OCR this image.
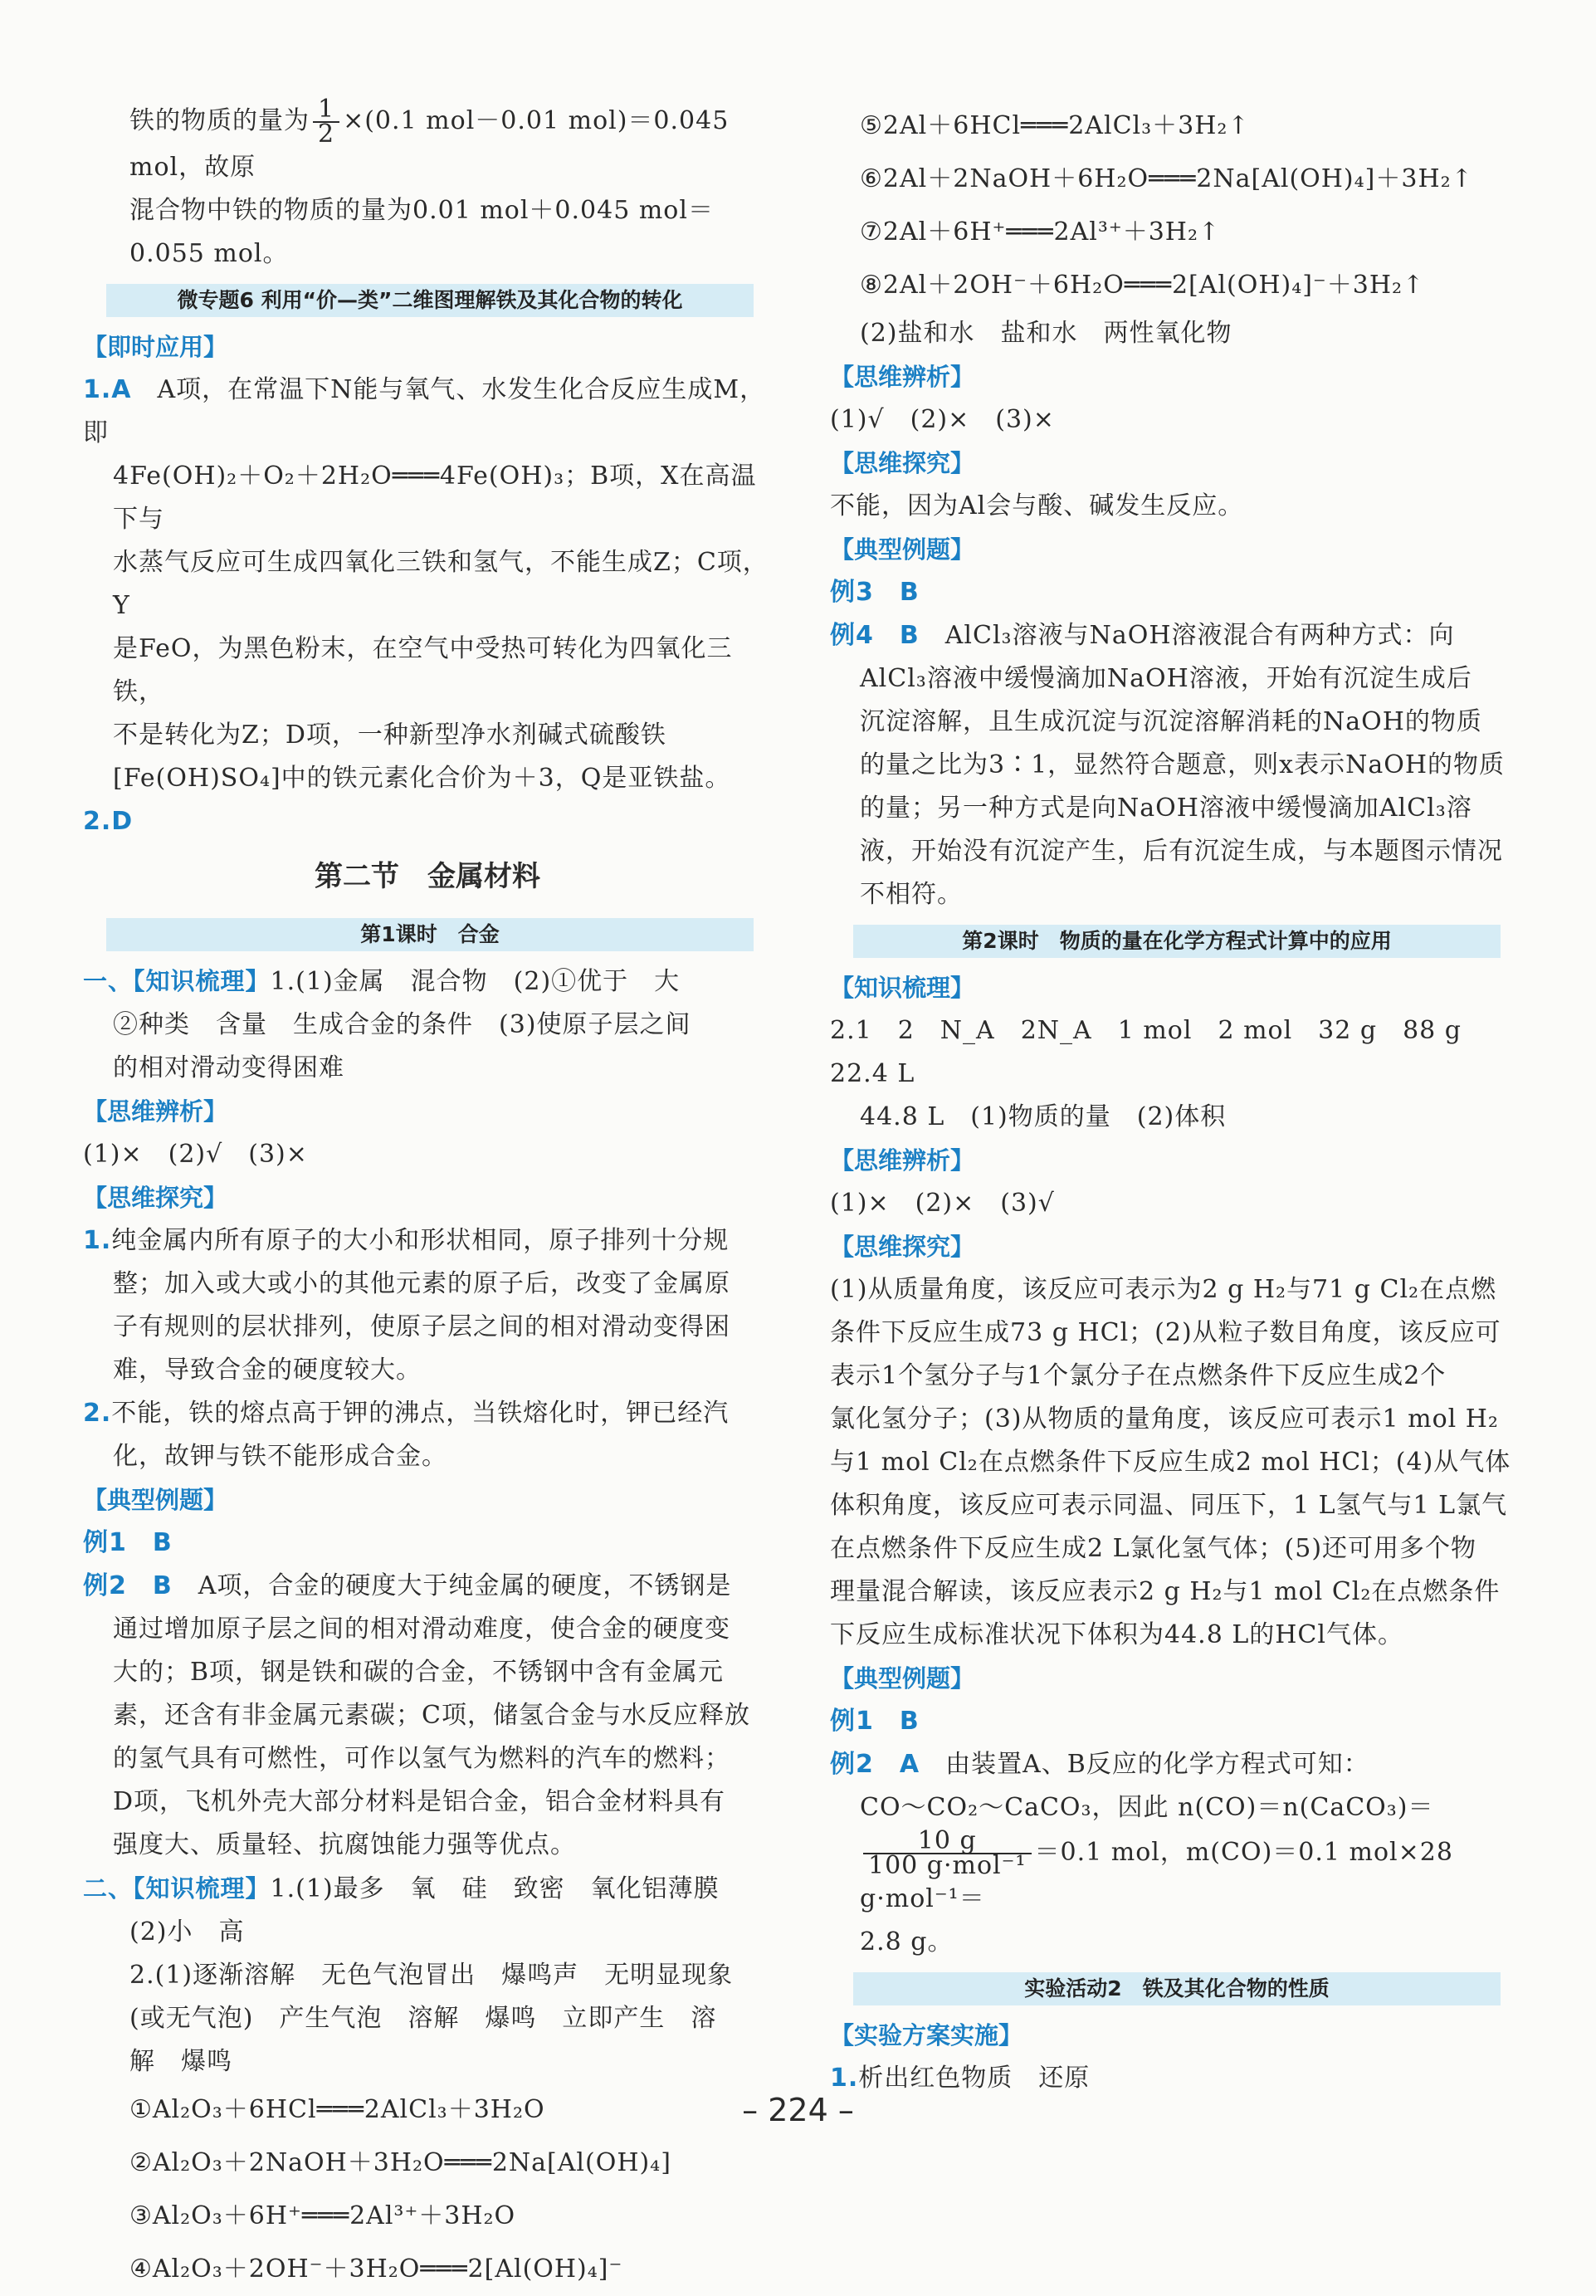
铁的物质的量为 $\frac{1}{2} \times(0.1$ mol－0.01 mol)＝0.045 mol，故原

混合物中铁的物质的量为0.01 mol＋0.045 mol＝0.055 mol。

微专题6 利用“价—类”二维图理解铁及其化合物的转化
【即时应用】
1.A　 A项，在常温下N能与氧气、水发生化合反应生成M，即
4Fe(OH)₂＋O₂＋2H₂O═══4Fe(OH)₃；B项，X在高温下与
水蒸气反应可生成四氧化三铁和氢气，不能生成Z；C项，Y
是FeO，为黑色粉末，在空气中受热可转化为四氧化三铁，
不是转化为Z；D项，一种新型净水剂碱式硫酸铁
[Fe(OH)SO₄]中的铁元素化合价为＋3，Q是亚铁盐。
2.D
第二节　金属材料
第1课时　合金
一、【知识梳理】1.(1)金属　混合物　(2)①优于　大
②种类　含量　生成合金的条件　(3)使原子层之间
的相对滑动变得困难
【思维辨析】
(1)×　(2)√　(3)×
【思维探究】
1.纯金属内所有原子的大小和形状相同，原子排列十分规
整；加入或大或小的其他元素的原子后，改变了金属原
子有规则的层状排列，使原子层之间的相对滑动变得困
难，导致合金的硬度较大。
2.不能，铁的熔点高于钾的沸点，当铁熔化时，钾已经汽
化，故钾与铁不能形成合金。
【典型例题】
例1　B
例2　B　 A项，合金的硬度大于纯金属的硬度，不锈钢是
通过增加原子层之间的相对滑动难度，使合金的硬度变
大的；B项，钢是铁和碳的合金，不锈钢中含有金属元
素，还含有非金属元素碳；C项，储氢合金与水反应释放
的氢气具有可燃性，可作以氢气为燃料的汽车的燃料；
D项，飞机外壳大部分材料是铝合金，铝合金材料具有
强度大、质量轻、抗腐蚀能力强等优点。
二、【知识梳理】1.(1)最多　氧　硅　致密　氧化铝薄膜
(2)小　高
2.(1)逐渐溶解　无色气泡冒出　爆鸣声　无明显现象
(或无气泡)　产生气泡　溶解　爆鸣　立即产生　溶
解　爆鸣
①Al₂O₃＋6HCl═══2AlCl₃＋3H₂O
②Al₂O₃＋2NaOH＋3H₂O═══2Na[Al(OH)₄]
③Al₂O₃＋6H⁺═══2Al³⁺＋3H₂O
④Al₂O₃＋2OH⁻＋3H₂O═══2[Al(OH)₄]⁻
⑤2Al＋6HCl═══2AlCl₃＋3H₂↑
⑥2Al＋2NaOH＋6H₂O═══2Na[Al(OH)₄]＋3H₂↑
⑦2Al＋6H⁺═══2Al³⁺＋3H₂↑
⑧2Al＋2OH⁻＋6H₂O═══2[Al(OH)₄]⁻＋3H₂↑
(2)盐和水　盐和水　两性氧化物
【思维辨析】
(1)√　(2)×　(3)×
【思维探究】
不能，因为Al会与酸、碱发生反应。
【典型例题】
例3　B
例4　B　 AlCl₃溶液与NaOH溶液混合有两种方式：向
AlCl₃溶液中缓慢滴加NaOH溶液，开始有沉淀生成后
沉淀溶解，且生成沉淀与沉淀溶解消耗的NaOH的物质
的量之比为3∶1，显然符合题意，则x表示NaOH的物质
的量；另一种方式是向NaOH溶液中缓慢滴加AlCl₃溶
液，开始没有沉淀产生，后有沉淀生成，与本题图示情况
不相符。
第2课时　物质的量在化学方程式计算中的应用
【知识梳理】
2.1　2　N_A　2N_A　1 mol　2 mol　32 g　88 g　22.4 L
44.8 L　(1)物质的量　(2)体积
【思维辨析】
(1)×　(2)×　(3)√
【思维探究】
(1)从质量角度，该反应可表示为2 g H₂与71 g Cl₂在点燃
条件下反应生成73 g HCl；(2)从粒子数目角度，该反应可
表示1个氢分子与1个氯分子在点燃条件下反应生成2个
氯化氢分子；(3)从物质的量角度，该反应可表示1 mol H₂
与1 mol Cl₂在点燃条件下反应生成2 mol HCl；(4)从气体
体积角度，该反应可表示同温、同压下，1 L氢气与1 L氯气
在点燃条件下反应生成2 L氯化氢气体；(5)还可用多个物
理量混合解读，该反应表示2 g H₂与1 mol Cl₂在点燃条件
下反应生成标准状况下体积为44.8 L的HCl气体。
【典型例题】
例1　B
例2　A　 由装置A、B反应的化学方程式可知：
CO～CO₂～CaCO₃，因此 n(CO)＝n(CaCO₃)＝
$\frac{10 g}{\text{100 g·mol⁻¹}} =0.1$ mol，m(CO)＝0.1 mol×28 g·mol⁻¹＝
2.8 g。
实验活动2　铁及其化合物的性质
【实验方案实施】
1.析出红色物质　还原
– 224 –
